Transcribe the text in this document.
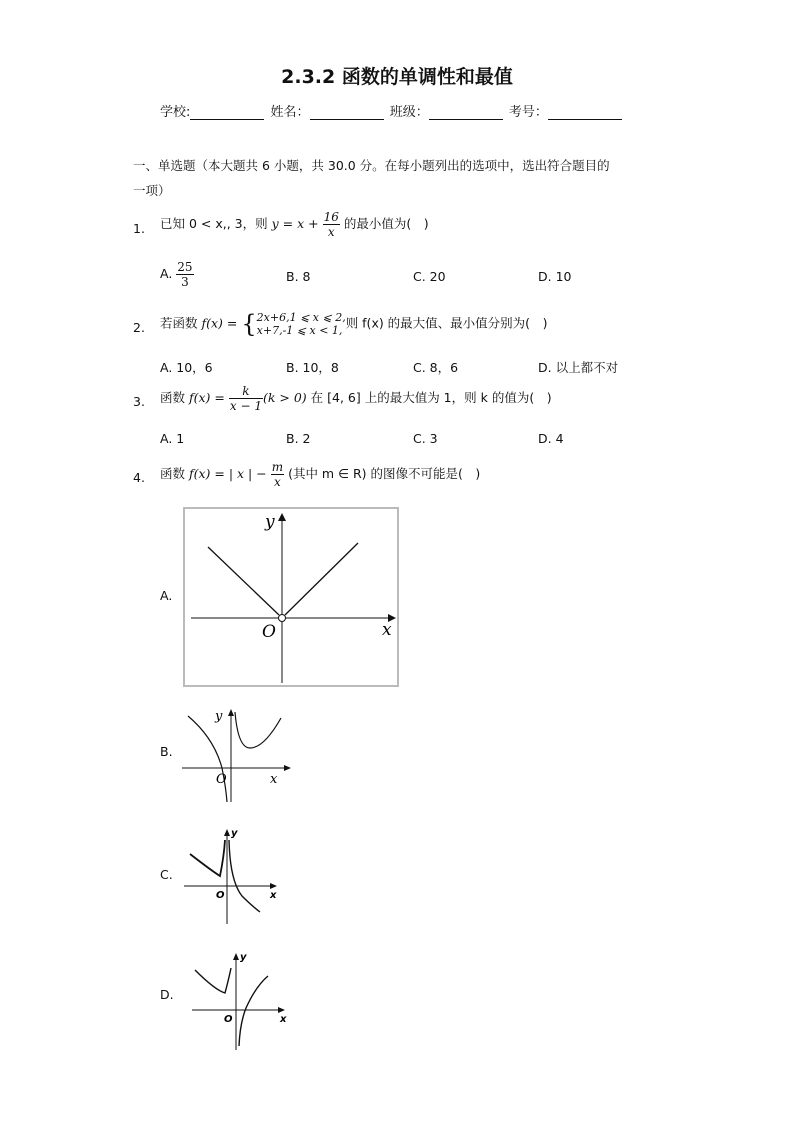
2.3.2 函数的单调性和最值
学校:	姓名：	班级：	考号：
一、单选题（本大题共 6 小题，共 30.0 分。在每小题列出的选项中，选出符合题目的
一项）
1. 已知 0 < x,, 3，则 $y = x + \frac{16}{x}$ 的最小值为(　)
A. $\frac{25}{3}$	B. 8	C. 20	D. 10
2. 若函数 f(x) = { 2x+6,1 ⩽ x ⩽ 2,
x+7,-1 ⩽ x < 1, 则 f(x) 的最大值、最小值分别为(　)
A. 10，6	B. 10，8	C. 8，6	D. 以上都不对
3. 函数 $f(x) = \frac{k}{x - 1} (k > 0)$ 在 [4, 6] 上的最大值为 1，则 k 的值为(　)
A. 1	B. 2	C. 3	D. 4
4. 函数 f(x) = | x | − $\frac{m}{x}$ (其中 m ∈ R) 的图像不可能是(　)
A.
y
x
O
B.
y
x
O
C.
y
x
O
D.
y
x
O
